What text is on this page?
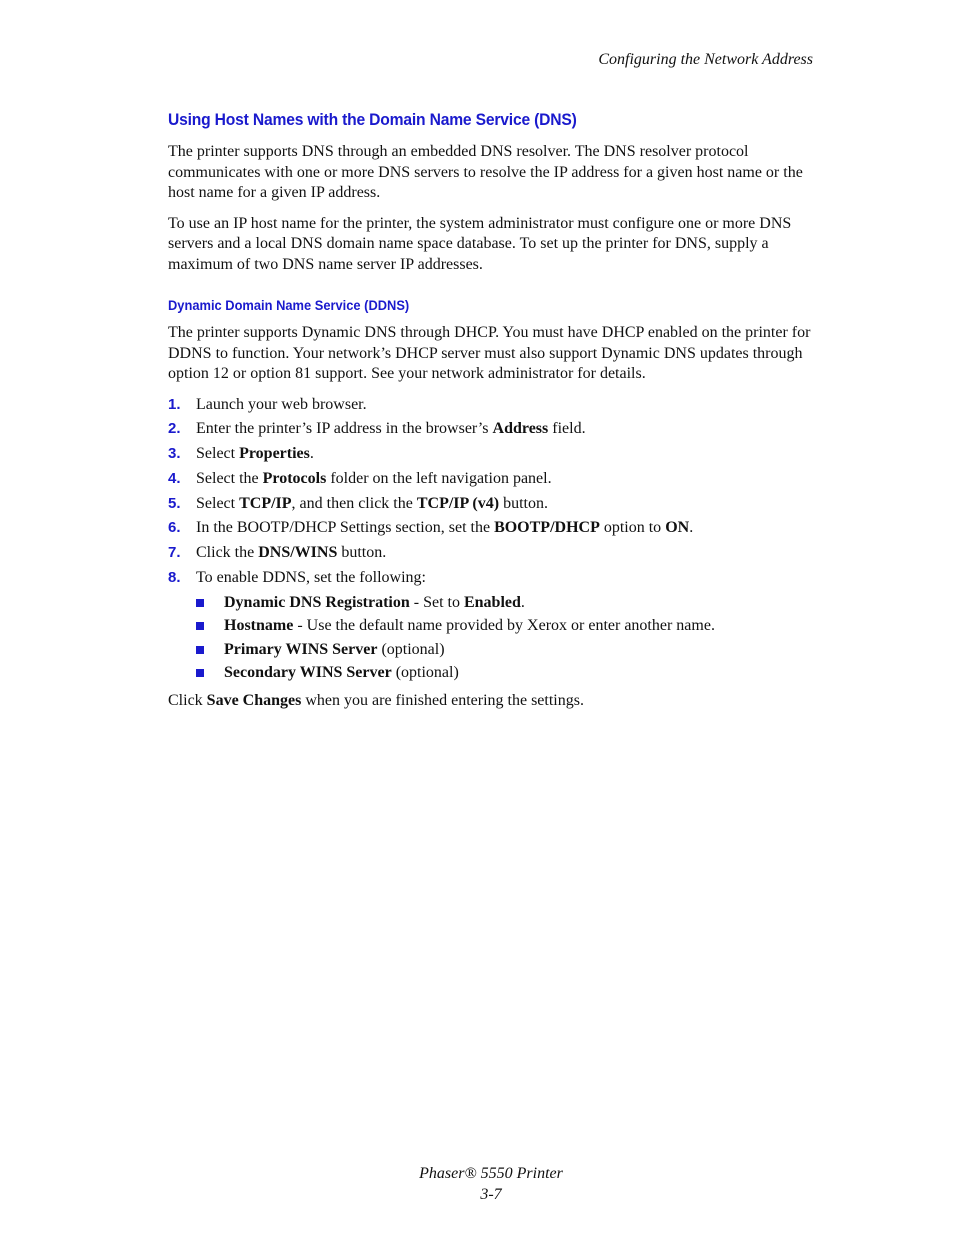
Configuring the Network Address
Using Host Names with the Domain Name Service (DNS)

The printer supports DNS through an embedded DNS resolver. The DNS resolver protocol communicates with one or more DNS servers to resolve the IP address for a given host name or the host name for a given IP address.

To use an IP host name for the printer, the system administrator must configure one or more DNS servers and a local DNS domain name space database. To set up the printer for DNS, supply a maximum of two DNS name server IP addresses.

Dynamic Domain Name Service (DDNS)

The printer supports Dynamic DNS through DHCP. You must have DHCP enabled on the printer for DDNS to function. Your network’s DHCP server must also support Dynamic DNS updates through option 12 or option 81 support. See your network administrator for details.

1. Launch your web browser.
2. Enter the printer’s IP address in the browser’s Address field.
3. Select Properties.
4. Select the Protocols folder on the left navigation panel.
5. Select TCP/IP, and then click the TCP/IP (v4) button.
6. In the BOOTP/DHCP Settings section, set the BOOTP/DHCP option to ON.
7. Click the DNS/WINS button.
8. To enable DDNS, set the following:
Dynamic DNS Registration - Set to Enabled.
Hostname - Use the default name provided by Xerox or enter another name.
Primary WINS Server (optional)
Secondary WINS Server (optional)

Click Save Changes when you are finished entering the settings.

Phaser® 5550 Printer
3-7
